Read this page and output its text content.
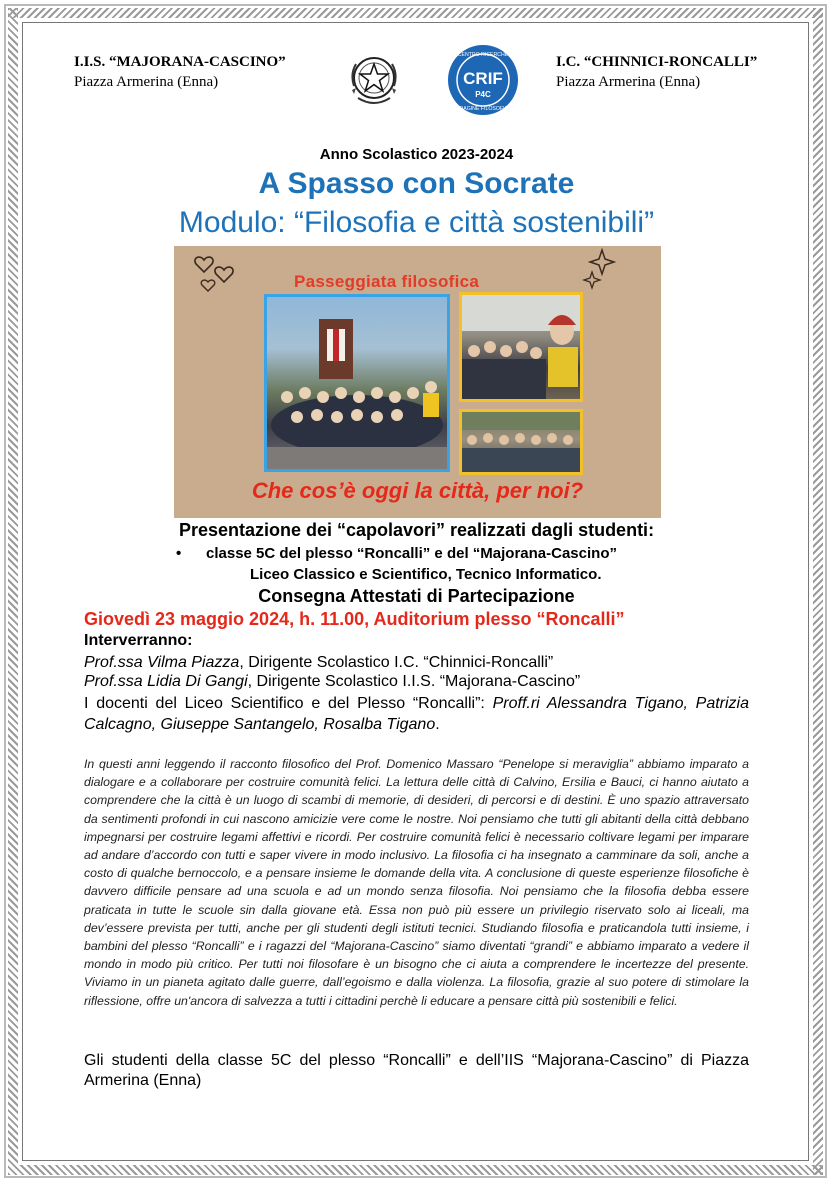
I.I.S. “MAJORANA-CASCINO”
Piazza Armerina (Enna)	CRIF
P4C
CENTRO RICERCHE
INDAGINE FILOSOFICA
I.C. “CHINNICI-RONCALLI”
Piazza Armerina (Enna)
Anno Scolastico 2023-2024
A Spasso con Socrate
Modulo: “Filosofia e città sostenibili”
Passeggiata filosofica
Che cos’è oggi la città, per noi?
Presentazione dei “capolavori” realizzati dagli studenti:
• classe 5C del plesso “Roncalli” e del “Majorana-Cascino”
Liceo Classico e Scientifico, Tecnico Informatico.
Consegna Attestati di Partecipazione
Giovedì 23 maggio 2024, h. 11.00, Auditorium plesso “Roncalli”
Interverranno:
Prof.ssa Vilma Piazza, Dirigente Scolastico I.C. “Chinnici-Roncalli”
Prof.ssa Lidia Di Gangi, Dirigente Scolastico I.I.S. “Majorana-Cascino”
I docenti del Liceo Scientifico e del Plesso “Roncalli”: Proff.ri Alessandra Tigano, Patrizia Calcagno, Giuseppe Santangelo, Rosalba Tigano.
In questi anni leggendo il racconto filosofico del Prof. Domenico Massaro “Penelope si meraviglia” abbiamo imparato a dialogare e a collaborare per costruire comunità felici. La lettura delle città di Calvino, Ersilia e Bauci, ci hanno aiutato a comprendere che la città è un luogo di scambi di memorie, di desideri, di percorsi e di destini. È uno spazio attraversato da sentimenti profondi in cui nascono amicizie vere come le nostre. Noi pensiamo che tutti gli abitanti della città debbano impegnarsi per costruire legami affettivi e ricordi. Per costruire comunità felici è necessario coltivare legami per imparare ad andare d’accordo con tutti e saper vivere in modo inclusivo. La filosofia ci ha insegnato a camminare da soli, anche a costo di qualche bernoccolo, e a pensare insieme le domande della vita. A conclusione di queste esperienze filosofiche è davvero difficile pensare ad una scuola e ad un mondo senza filosofia. Noi pensiamo che la filosofia debba essere praticata in tutte le scuole sin dalla giovane età. Essa non può più essere un privilegio riservato solo ai liceali, ma dev’essere prevista per tutti, anche per gli studenti degli istituti tecnici. Studiando filosofia e praticandola tutti insieme, i bambini del plesso “Roncalli” e i ragazzi del “Majorana-Cascino” siamo diventati “grandi” e abbiamo imparato a vedere il mondo in modo più critico. Per tutti noi filosofare è un bisogno che ci aiuta a comprendere le incertezze del presente. Viviamo in un pianeta agitato dalle guerre, dall’egoismo e dalla violenza. La filosofia, grazie al suo potere di stimolare la riflessione, offre un'ancora di salvezza a tutti i cittadini perchè li educare a pensare città più sostenibili e felici.
Gli studenti della classe 5C del plesso “Roncalli” e dell’IIS “Majorana-Cascino” di Piazza Armerina (Enna)
